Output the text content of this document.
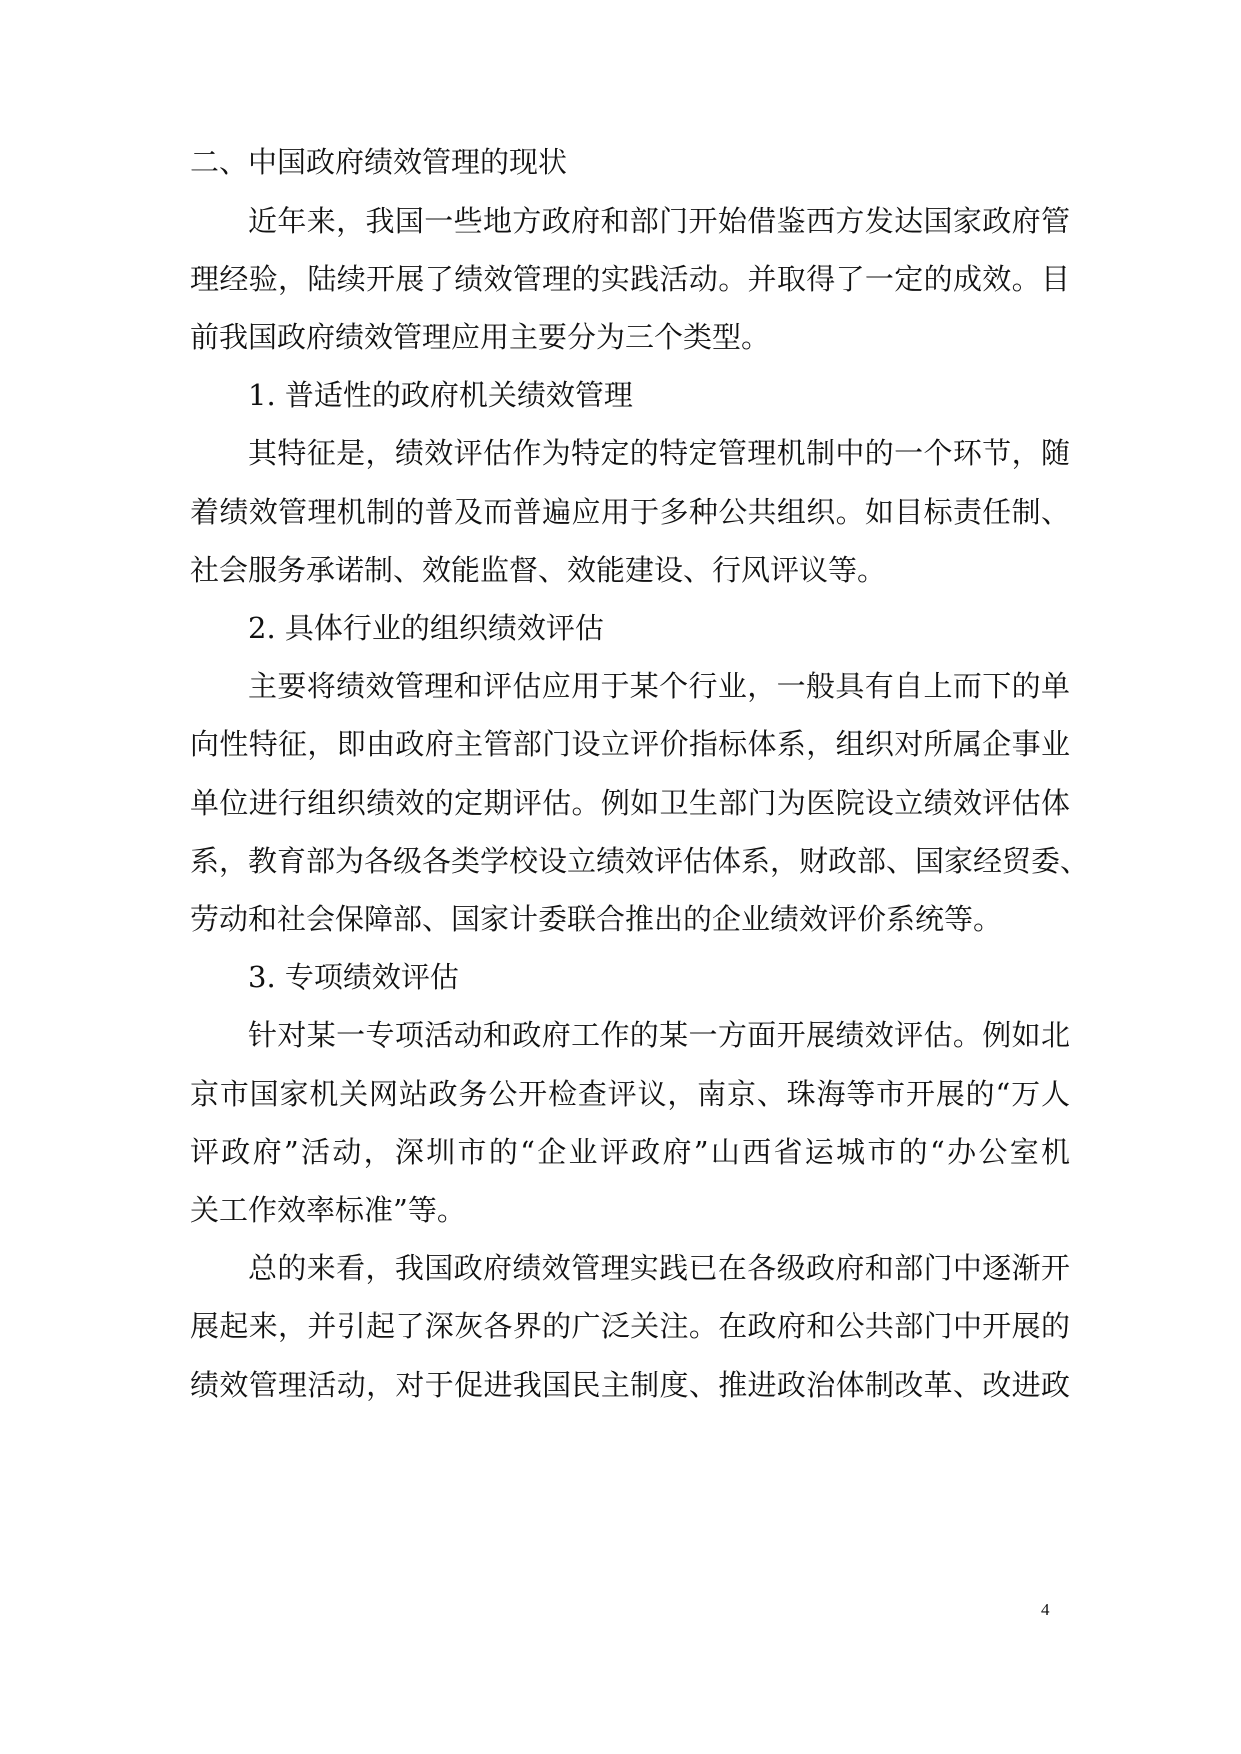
二、中国政府绩效管理的现状

近年来，我国一些地方政府和部门开始借鉴西方发达国家政府管

理经验，陆续开展了绩效管理的实践活动。并取得了一定的成效。目

前我国政府绩效管理应用主要分为三个类型。

1. 普适性的政府机关绩效管理

其特征是，绩效评估作为特定的特定管理机制中的一个环节，随

着绩效管理机制的普及而普遍应用于多种公共组织。如目标责任制、

社会服务承诺制、效能监督、效能建设、行风评议等。

2. 具体行业的组织绩效评估

主要将绩效管理和评估应用于某个行业，一般具有自上而下的单

向性特征，即由政府主管部门设立评价指标体系，组织对所属企事业

单位进行组织绩效的定期评估。例如卫生部门为医院设立绩效评估体

系，教育部为各级各类学校设立绩效评估体系，财政部、国家经贸委、

劳动和社会保障部、国家计委联合推出的企业绩效评价系统等。

3. 专项绩效评估

针对某一专项活动和政府工作的某一方面开展绩效评估。例如北

京市国家机关网站政务公开检查评议，南京、珠海等市开展的“万人

评政府”活动，深圳市的“企业评政府”山西省运城市的“办公室机

关工作效率标准”等。

总的来看，我国政府绩效管理实践已在各级政府和部门中逐渐开

展起来，并引起了深灰各界的广泛关注。在政府和公共部门中开展的

绩效管理活动，对于促进我国民主制度、推进政治体制改革、改进政

4
